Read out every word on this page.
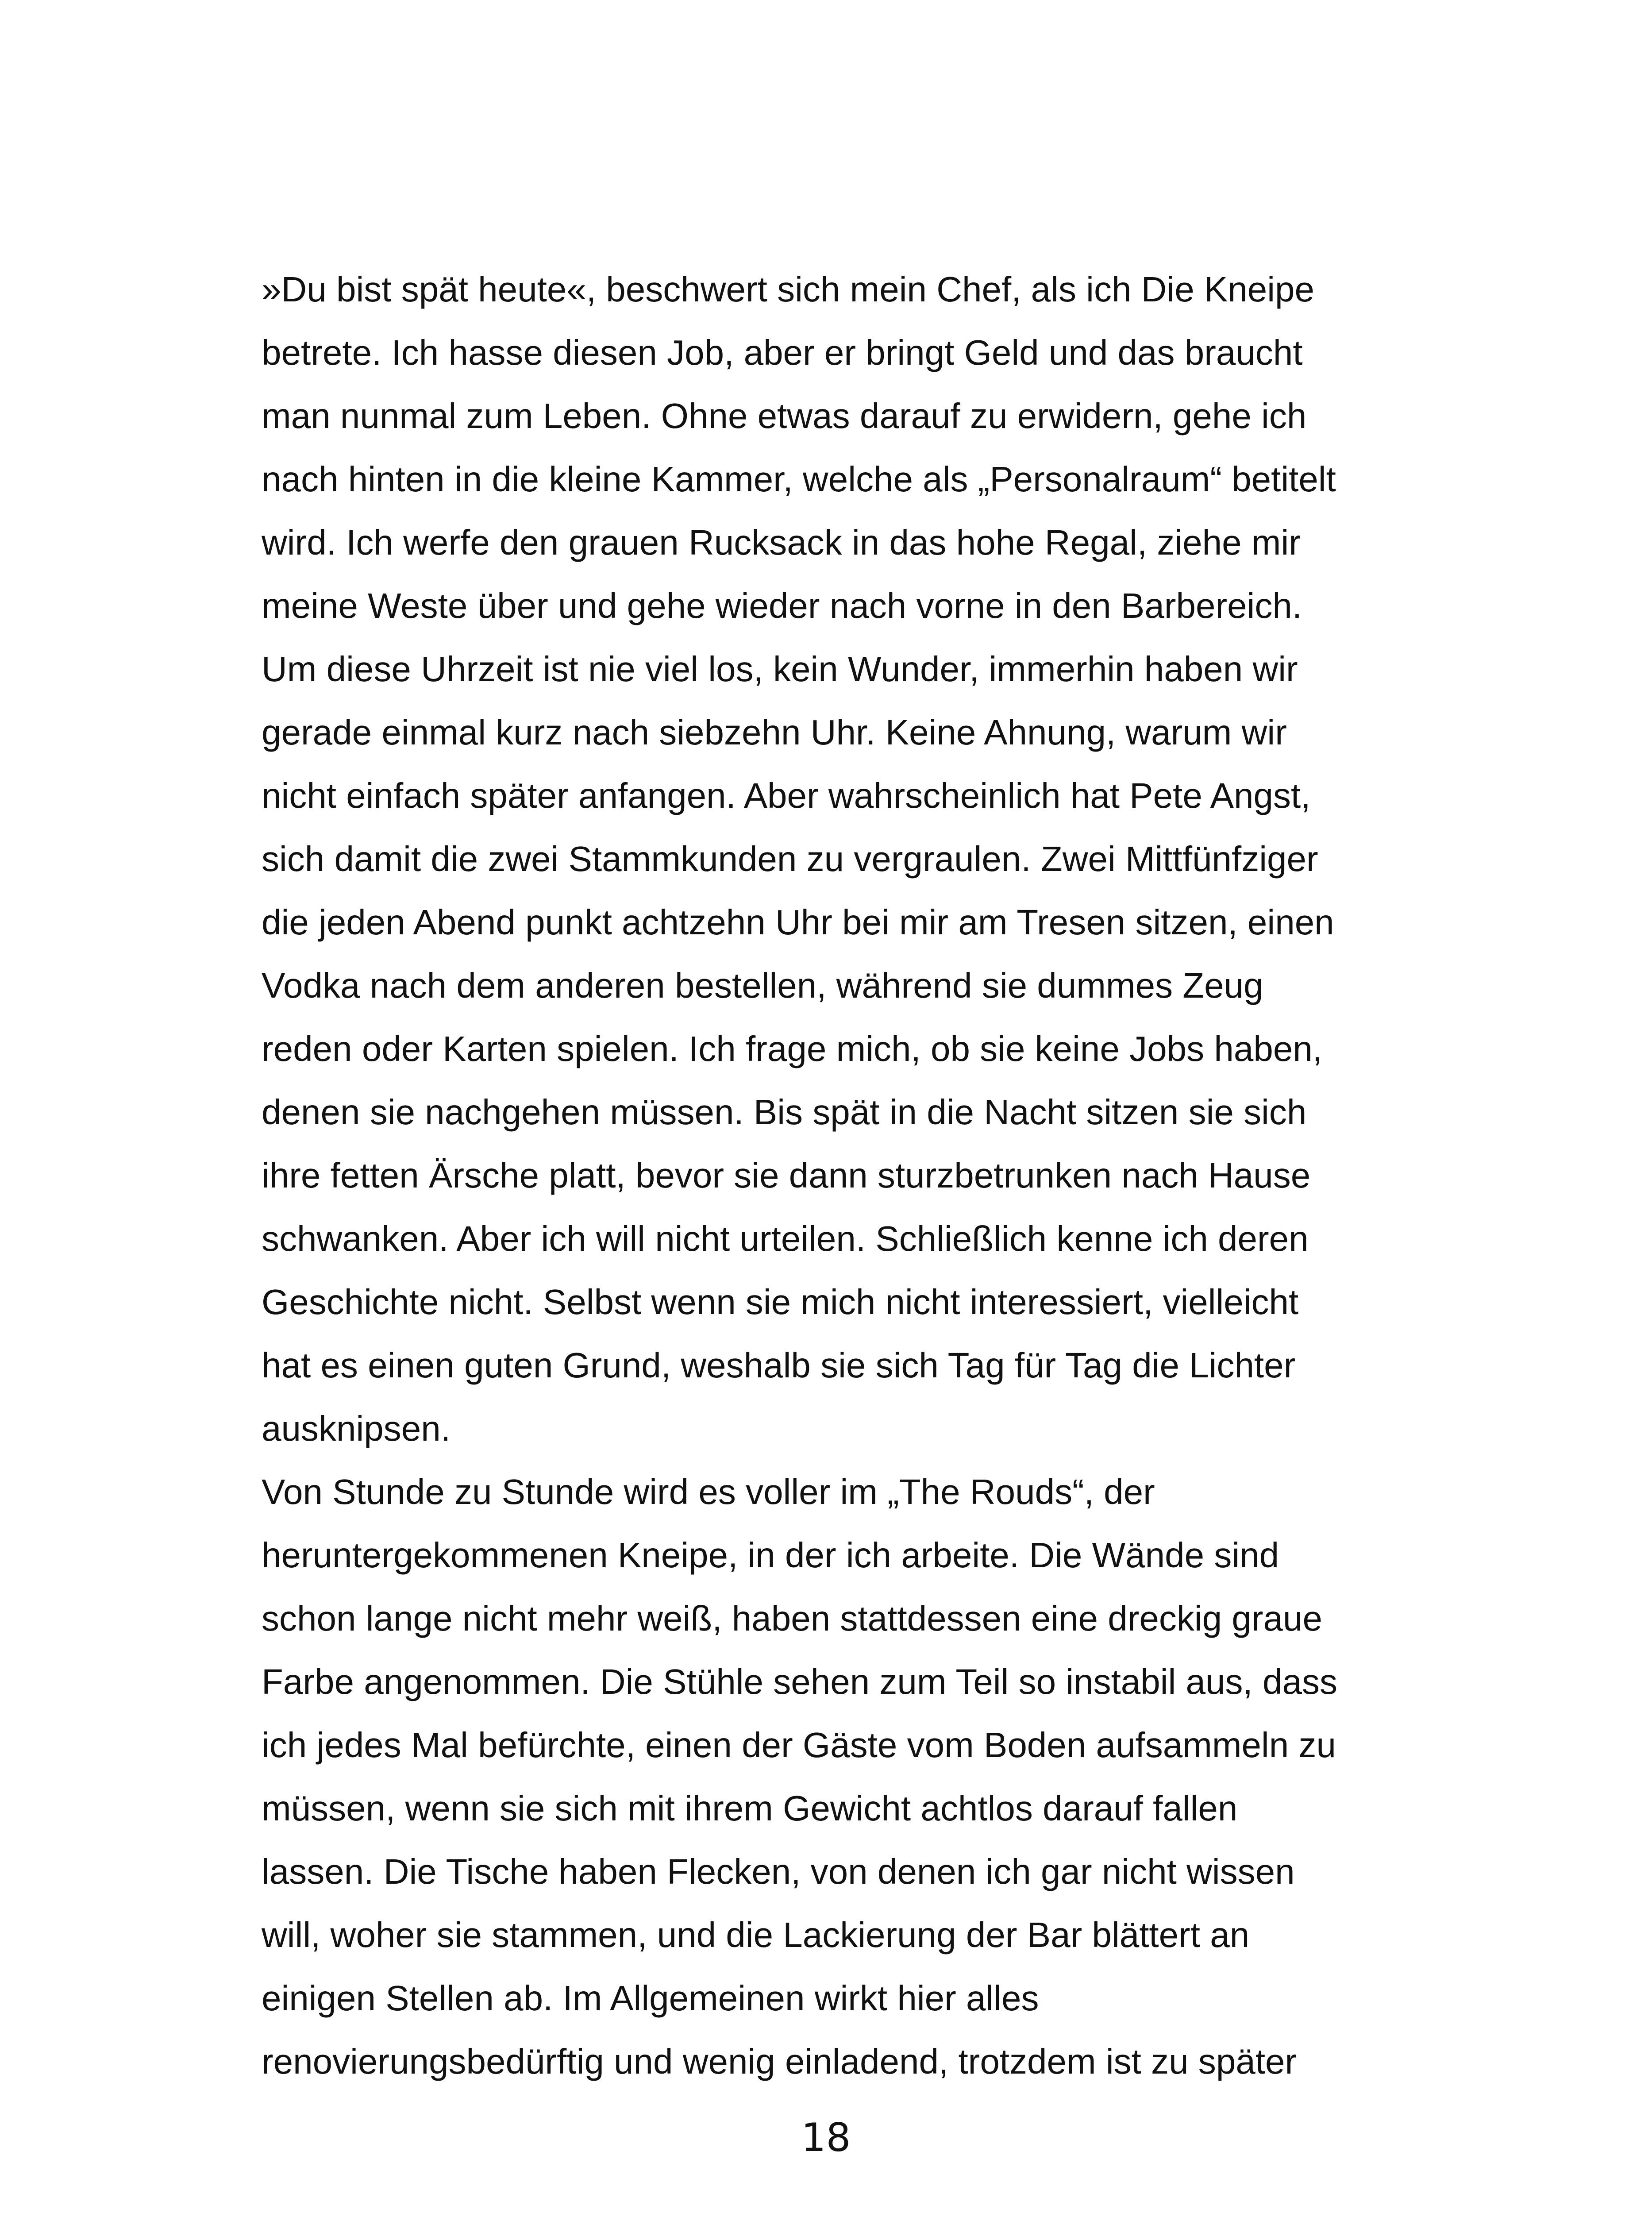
»Du bist spät heute«, beschwert sich mein Chef, als ich Die Kneipe
betrete. Ich hasse diesen Job, aber er bringt Geld und das braucht
man nunmal zum Leben. Ohne etwas darauf zu erwidern, gehe ich
nach hinten in die kleine Kammer, welche als „Personalraum“ betitelt
wird. Ich werfe den grauen Rucksack in das hohe Regal, ziehe mir
meine Weste über und gehe wieder nach vorne in den Barbereich.
Um diese Uhrzeit ist nie viel los, kein Wunder, immerhin haben wir
gerade einmal kurz nach siebzehn Uhr. Keine Ahnung, warum wir
nicht einfach später anfangen. Aber wahrscheinlich hat Pete Angst,
sich damit die zwei Stammkunden zu vergraulen. Zwei Mittfünfziger
die jeden Abend punkt achtzehn Uhr bei mir am Tresen sitzen, einen
Vodka nach dem anderen bestellen, während sie dummes Zeug
reden oder Karten spielen. Ich frage mich, ob sie keine Jobs haben,
denen sie nachgehen müssen. Bis spät in die Nacht sitzen sie sich
ihre fetten Ärsche platt, bevor sie dann sturzbetrunken nach Hause
schwanken. Aber ich will nicht urteilen. Schließlich kenne ich deren
Geschichte nicht. Selbst wenn sie mich nicht interessiert, vielleicht
hat es einen guten Grund, weshalb sie sich Tag für Tag die Lichter
ausknipsen.
Von Stunde zu Stunde wird es voller im „The Rouds“, der
heruntergekommenen Kneipe, in der ich arbeite. Die Wände sind
schon lange nicht mehr weiß, haben stattdessen eine dreckig graue
Farbe angenommen. Die Stühle sehen zum Teil so instabil aus, dass
ich jedes Mal befürchte, einen der Gäste vom Boden aufsammeln zu
müssen, wenn sie sich mit ihrem Gewicht achtlos darauf fallen
lassen. Die Tische haben Flecken, von denen ich gar nicht wissen
will, woher sie stammen, und die Lackierung der Bar blättert an
einigen Stellen ab. Im Allgemeinen wirkt hier alles
renovierungsbedürftig und wenig einladend, trotzdem ist zu später
18
